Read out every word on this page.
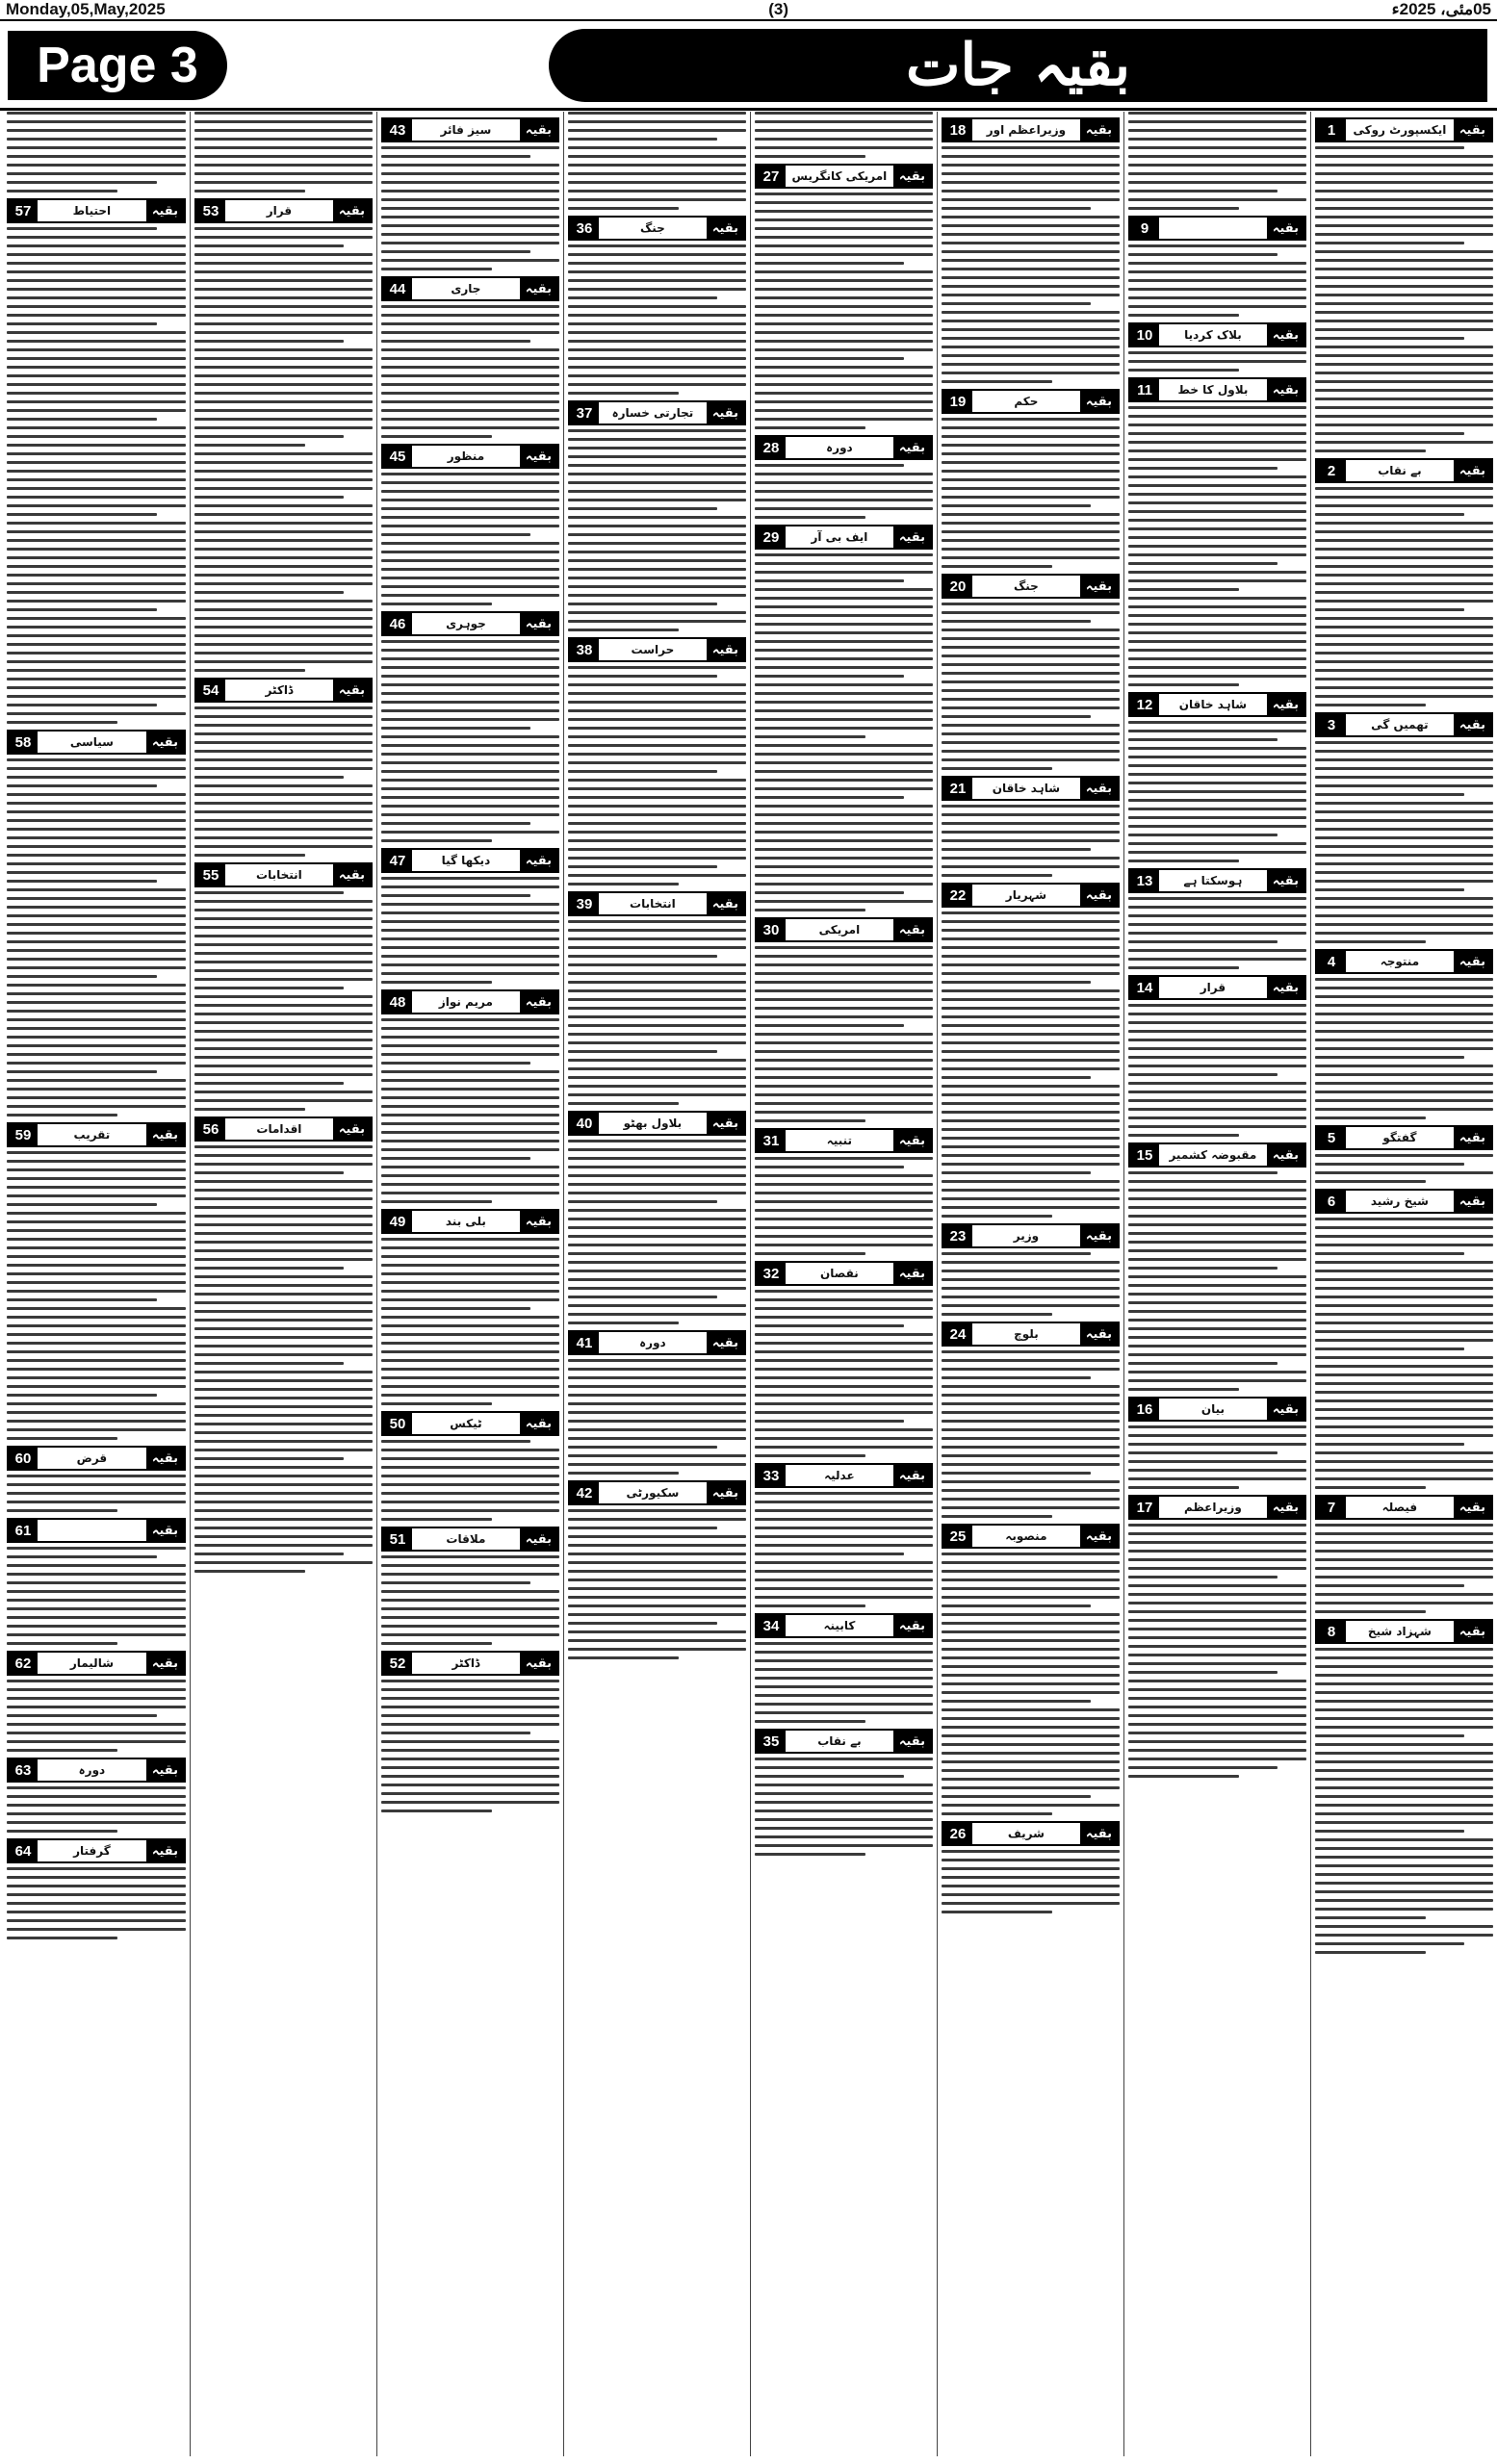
Monday,05,May,2025	(3)	05مئی، 2025ء
Page 3	بقیہ جات
بقیہ
ایکسپورٹ روکی
1
بقیہ
بے نقاب
2
بقیہ
تھمیں گی
3
بقیہ
منتوجہ
4
بقیہ
گفتگو
5
بقیہ
شیخ رشید
6
بقیہ
فیصلہ
7
بقیہ
شہزاد شیخ
8
بقیہ
9
بقیہ
بلاک کردیا
10
بقیہ
بلاول کا خط
11
بقیہ
شاہد خاقان
12
بقیہ
ہوسکتا ہے
13
بقیہ
قرار
14
بقیہ
مقبوضہ کشمیر
15
بقیہ
بیان
16
بقیہ
وزیراعظم
17
بقیہ
وزیراعظم اور
18
بقیہ
حکم
19
بقیہ
جنگ
20
بقیہ
شاہد خاقان
21
بقیہ
شہریار
22
بقیہ
وزیر
23
بقیہ
بلوچ
24
بقیہ
منصوبہ
25
بقیہ
شریف
26
بقیہ
امریکی کانگریس
27
بقیہ
دورہ
28
بقیہ
ایف بی آر
29
بقیہ
امریکی
30
بقیہ
تنبیہ
31
بقیہ
نقصان
32
بقیہ
عدلیہ
33
بقیہ
کابینہ
34
بقیہ
بے نقاب
35
بقیہ
جنگ
36
بقیہ
تجارتی خسارہ
37
بقیہ
حراست
38
بقیہ
انتخابات
39
بقیہ
بلاول بھٹو
40
بقیہ
دورہ
41
بقیہ
سکیورٹی
42
بقیہ
سیز فائر
43
بقیہ
جاری
44
بقیہ
منظور
45
بقیہ
جوہری
46
بقیہ
دیکھا گیا
47
بقیہ
مریم نواز
48
بقیہ
بلی بند
49
بقیہ
ٹیکس
50
بقیہ
ملاقات
51
بقیہ
ڈاکٹر
52
بقیہ
قرار
53
بقیہ
ڈاکٹر
54
بقیہ
انتخابات
55
بقیہ
اقدامات
56
بقیہ
احتیاط
57
بقیہ
سیاسی
58
بقیہ
تقریب
59
بقیہ
قرض
60
بقیہ
61
بقیہ
شالیمار
62
بقیہ
دورہ
63
بقیہ
گرفتار
64
